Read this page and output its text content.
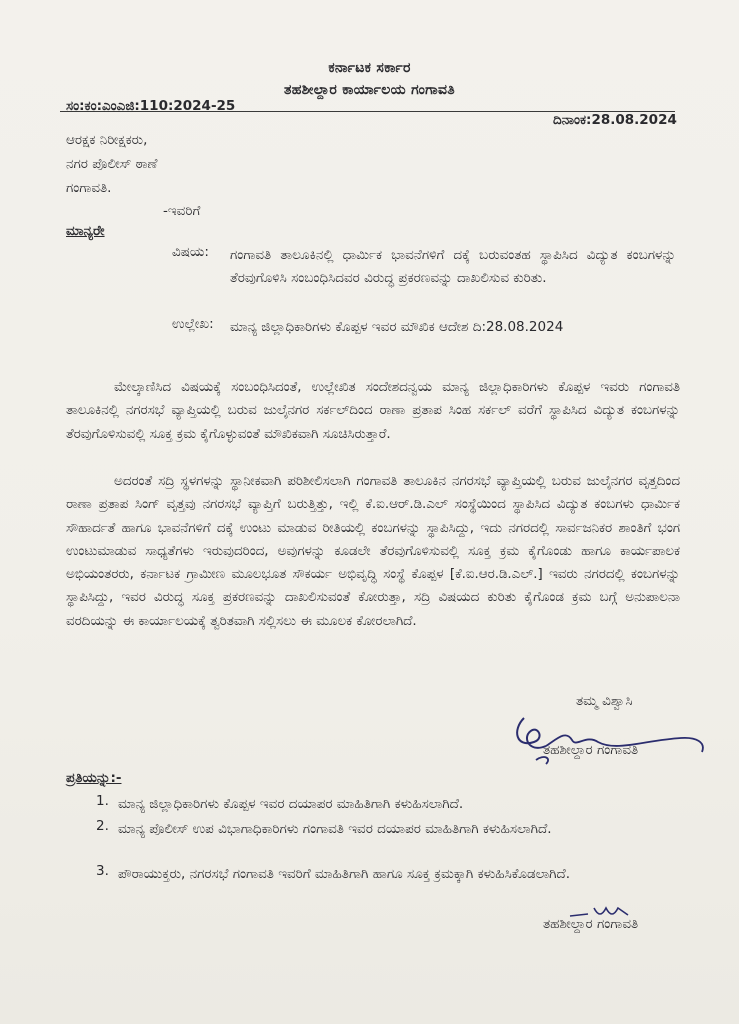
ಕರ್ನಾಟಕ ಸರ್ಕಾರ
ತಹಶೀಲ್ದಾರ ಕಾರ್ಯಾಲಯ ಗಂಗಾವತಿ
ಸಂ:ಕಂ:ಎಂಎಜಿ:110:2024-25
ದಿನಾಂಕ:28.08.2024
ಆರಕ್ಷಕ ನಿರೀಕ್ಷಕರು,
ನಗರ ಪೊಲೀಸ್ ಠಾಣೆ
ಗಂಗಾವತಿ.
-ಇವರಿಗೆ
ಮಾನ್ಯರೇ
ವಿಷಯ: ಗಂಗಾವತಿ ತಾಲೂಕಿನಲ್ಲಿ ಧಾರ್ಮಿಕ ಭಾವನೆಗಳಿಗೆ ದಕ್ಕೆ ಬರುವಂತಹ ಸ್ಥಾಪಿಸಿದ ವಿದ್ಯುತ ಕಂಬಗಳನ್ನು ತೆರವುಗೊಳಿಸಿ ಸಂಬಂಧಿಸಿದವರ ವಿರುದ್ಧ ಪ್ರಕರಣವನ್ನು ದಾಖಲಿಸುವ ಕುರಿತು.
ಉಲ್ಲೇಖ: ಮಾನ್ಯ ಜಿಲ್ಲಾಧಿಕಾರಿಗಳು ಕೊಪ್ಪಳ ಇವರ ಮೌಖಿಕ ಆದೇಶ ದಿ:28.08.2024
ಮೇಲ್ಕಾಣಿಸಿದ ವಿಷಯಕ್ಕೆ ಸಂಬಂಧಿಸಿದಂತೆ, ಉಲ್ಲೇಖಿತ ಸಂದೇಶದನ್ವಯ ಮಾನ್ಯ ಜಿಲ್ಲಾಧಿಕಾರಿಗಳು ಕೊಪ್ಪಳ ಇವರು ಗಂಗಾವತಿ ತಾಲೂಕಿನಲ್ಲಿ ನಗರಸಭೆ ವ್ಯಾಪ್ತಿಯಲ್ಲಿ ಬರುವ ಜುಲೈನಗರ ಸರ್ಕಲ್‌ದಿಂದ ರಾಣಾ ಪ್ರತಾಪ ಸಿಂಹ ಸರ್ಕಲ್ ವರೆಗೆ ಸ್ಥಾಪಿಸಿದ ವಿದ್ಯುತ ಕಂಬಗಳನ್ನು ತೆರವುಗೊಳಿಸುವಲ್ಲಿ ಸೂಕ್ತ ಕ್ರಮ ಕೈಗೊಳ್ಳುವಂತೆ ಮೌಖಿಕವಾಗಿ ಸೂಚಿಸಿರುತ್ತಾರೆ.
ಅದರಂತೆ ಸದ್ರಿ ಸ್ಥಳಗಳನ್ನು ಸ್ಥಾನೀಕವಾಗಿ ಪರಿಶೀಲಿಸಲಾಗಿ ಗಂಗಾವತಿ ತಾಲೂಕಿನ ನಗರಸಭೆ ವ್ಯಾಪ್ತಿಯಲ್ಲಿ ಬರುವ ಜುಲೈನಗರ ವೃತ್ತದಿಂದ ರಾಣಾ ಪ್ರತಾಪ ಸಿಂಗ್ ವೃತ್ತವು ನಗರಸಭೆ ವ್ಯಾಪ್ತಿಗೆ ಬರುತ್ತಿತ್ತು, ಇಲ್ಲಿ ಕೆ.ಐ.ಆರ್.ಡಿ.ಎಲ್ ಸಂಸ್ಥೆಯಿಂದ ಸ್ಥಾಪಿಸಿದ ವಿದ್ಯುತ ಕಂಬಗಳು ಧಾರ್ಮಿಕ ಸೌಹಾರ್ದತೆ ಹಾಗೂ ಭಾವನೆಗಳಿಗೆ ದಕ್ಕೆ ಉಂಟು ಮಾಡುವ ರೀತಿಯಲ್ಲಿ ಕಂಬಗಳನ್ನು ಸ್ಥಾಪಿಸಿದ್ದು, ಇದು ನಗರದಲ್ಲಿ ಸಾರ್ವಜನಿಕರ ಶಾಂತಿಗೆ ಭಂಗ ಉಂಟುಮಾಡುವ ಸಾಧ್ಯತೆಗಳು ಇರುವುದರಿಂದ, ಅವುಗಳನ್ನು ಕೂಡಲೇ ತೆರವುಗೊಳಿಸುವಲ್ಲಿ ಸೂಕ್ತ ಕ್ರಮ ಕೈಗೊಂಡು ಹಾಗೂ ಕಾರ್ಯಪಾಲಕ ಅಭಿಯಂತರರು, ಕರ್ನಾಟಕ ಗ್ರಾಮೀಣ ಮೂಲಭೂತ ಸೌಕರ್ಯ ಅಭಿವೃದ್ಧಿ ಸಂಸ್ಥೆ ಕೊಪ್ಪಳ [ಕೆ.ಐ.ಆರ.ಡಿ.ಎಲ್.] ಇವರು ನಗರದಲ್ಲಿ ಕಂಬಗಳನ್ನು ಸ್ಥಾಪಿಸಿದ್ದು, ಇವರ ವಿರುದ್ಧ ಸೂಕ್ತ ಪ್ರಕರಣವನ್ನು ದಾಖಲಿಸುವಂತೆ ಕೋರುತ್ತಾ, ಸದ್ರಿ ವಿಷಯದ ಕುರಿತು ಕೈಗೊಂಡ ಕ್ರಮ ಬಗ್ಗೆ ಅನುಪಾಲನಾ ವರದಿಯನ್ನು ಈ ಕಾರ್ಯಾಲಯಕ್ಕೆ ತ್ವರಿತವಾಗಿ ಸಲ್ಲಿಸಲು ಈ ಮೂಲಕ ಕೋರಲಾಗಿದೆ.
ತಮ್ಮ ವಿಶ್ವಾಸಿ
ತಹಶೀಲ್ದಾರ ಗಂಗಾವತಿ
ಪ್ರತಿಯನ್ನು:-
1. ಮಾನ್ಯ ಜಿಲ್ಲಾಧಿಕಾರಿಗಳು ಕೊಪ್ಪಳ ಇವರ ದಯಾಪರ ಮಾಹಿತಿಗಾಗಿ ಕಳುಹಿಸಲಾಗಿದೆ.
2. ಮಾನ್ಯ ಪೊಲೀಸ್ ಉಪ ವಿಭಾಗಾಧಿಕಾರಿಗಳು ಗಂಗಾವತಿ ಇವರ ದಯಾಪರ ಮಾಹಿತಿಗಾಗಿ ಕಳುಹಿಸಲಾಗಿದೆ.
3. ಪೌರಾಯುಕ್ತರು, ನಗರಸಭೆ ಗಂಗಾವತಿ ಇವರಿಗೆ ಮಾಹಿತಿಗಾಗಿ ಹಾಗೂ ಸೂಕ್ತ ಕ್ರಮಕ್ಕಾಗಿ ಕಳುಹಿಸಿಕೊಡಲಾಗಿದೆ.
ತಹಶೀಲ್ದಾರ ಗಂಗಾವತಿ
